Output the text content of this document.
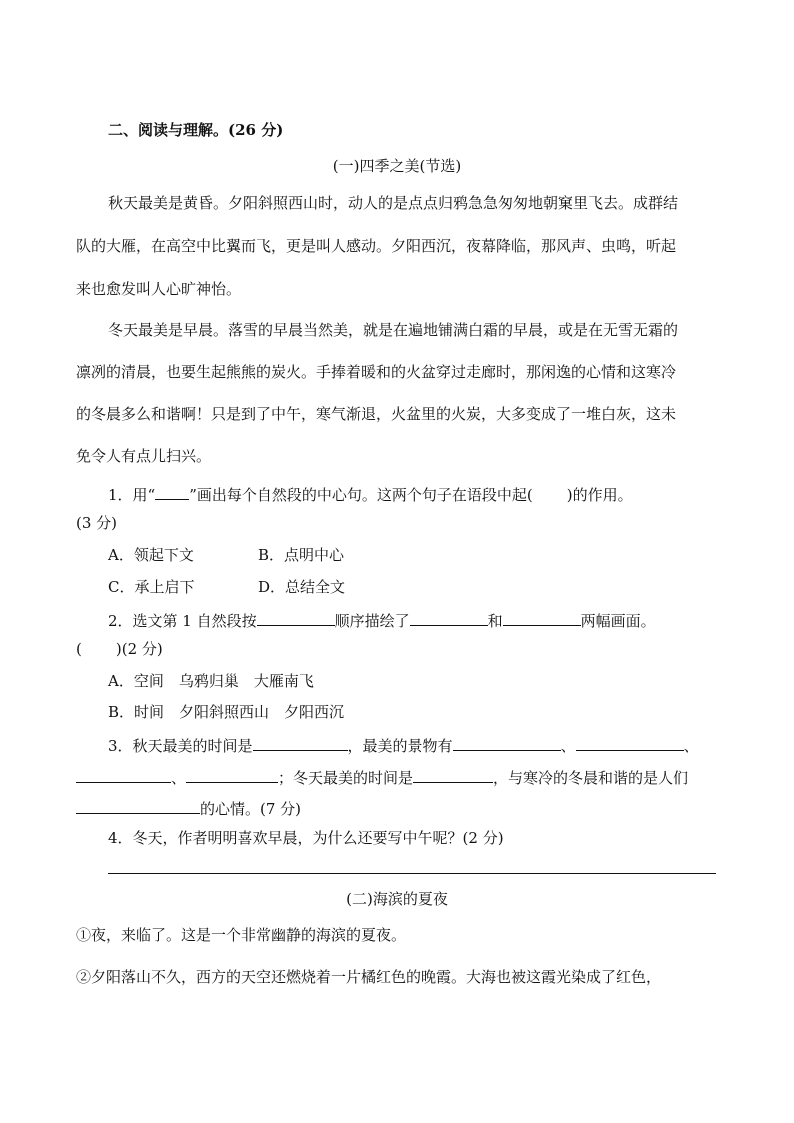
二、阅读与理解。(26 分)
(一)四季之美(节选)
秋天最美是黄昏。夕阳斜照西山时，动人的是点点归鸦急急匆匆地朝窠里飞去。成群结
队的大雁，在高空中比翼而飞，更是叫人感动。夕阳西沉，夜幕降临，那风声、虫鸣，听起
来也愈发叫人心旷神怡。
冬天最美是早晨。落雪的早晨当然美，就是在遍地铺满白霜的早晨，或是在无雪无霜的
凛冽的清晨，也要生起熊熊的炭火。手捧着暖和的火盆穿过走廊时，那闲逸的心情和这寒冷
的冬晨多么和谐啊！只是到了中午，寒气渐退，火盆里的火炭，大多变成了一堆白灰，这未
免令人有点儿扫兴。
1．用“ ”画出每个自然段的中心句。这两个句子在语段中起( )的作用。
(3 分)
A．领起下文	B．点明中心
C．承上启下	D．总结全文
2．选文第 1 自然段按	顺序描绘了	和	两幅画面。
( )(2 分)
A．空间　乌鸦归巢　大雁南飞
B．时间　夕阳斜照西山　夕阳西沉
3．秋天最美的时间是	，最美的景物有	、	、
、	；冬天最美的时间是	，与寒冷的冬晨和谐的是人们
的心情。(7 分)
4．冬天，作者明明喜欢早晨，为什么还要写中午呢？(2 分)
(二)海滨的夏夜
①夜，来临了。这是一个非常幽静的海滨的夏夜。
②夕阳落山不久，西方的天空还燃烧着一片橘红色的晚霞。大海也被这霞光染成了红色，
